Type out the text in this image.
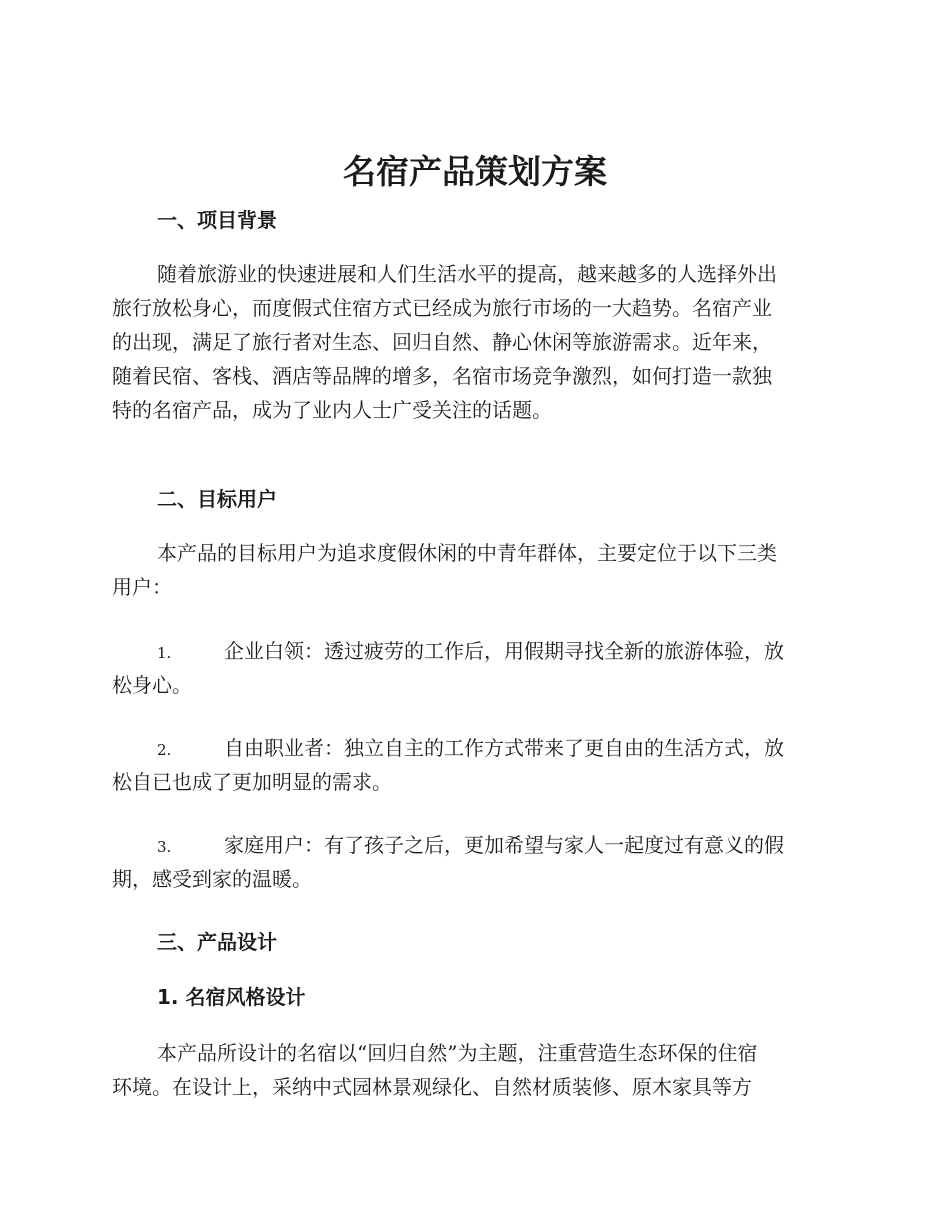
名宿产品策划方案
一、项目背景
随着旅游业的快速进展和人们生活水平的提高，越来越多的人选择外出
旅行放松身心，而度假式住宿方式已经成为旅行市场的一大趋势。名宿产业
的出现，满足了旅行者对生态、回归自然、静心休闲等旅游需求。近年来，
随着民宿、客栈、酒店等品牌的增多，名宿市场竞争激烈，如何打造一款独
特的名宿产品，成为了业内人士广受关注的话题。
二、目标用户
本产品的目标用户为追求度假休闲的中青年群体，主要定位于以下三类
用户：
1.	企业白领：透过疲劳的工作后，用假期寻找全新的旅游体验，放
松身心。
2.	自由职业者：独立自主的工作方式带来了更自由的生活方式，放
松自已也成了更加明显的需求。
3.	家庭用户：有了孩子之后，更加希望与家人一起度过有意义的假
期，感受到家的温暖。
三、产品设计
1. 名宿风格设计
本产品所设计的名宿以“回归自然”为主题，注重营造生态环保的住宿
环境。在设计上，采纳中式园林景观绿化、自然材质装修、原木家具等方
